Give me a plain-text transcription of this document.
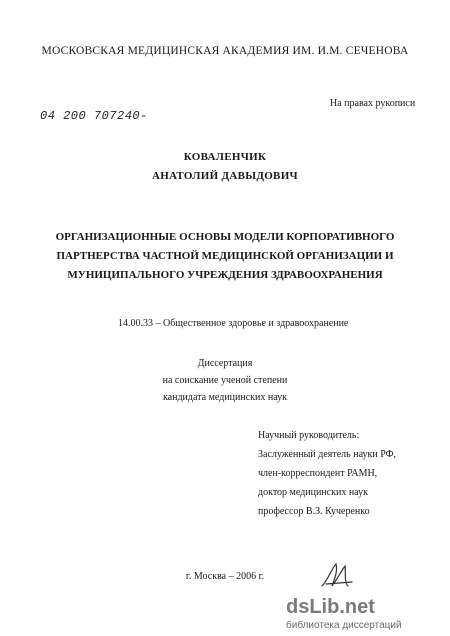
МОСКОВСКАЯ МЕДИЦИНСКАЯ АКАДЕМИЯ ИМ. И.М. СЕЧЕНОВА
04 200 707240-
На правах рукописи
КОВАЛЕНЧИК
АНАТОЛИЙ ДАВЫДОВИЧ
ОРГАНИЗАЦИОННЫЕ ОСНОВЫ МОДЕЛИ КОРПОРАТИВНОГО
ПАРТНЕРСТВА ЧАСТНОЙ МЕДИЦИНСКОЙ ОРГАНИЗАЦИИ И
МУНИЦИПАЛЬНОГО УЧРЕЖДЕНИЯ ЗДРАВООХРАНЕНИЯ
14.00.33 – Общественное здоровье и здравоохранение
Диссертация
на соискание ученой степени
кандидата медицинских наук
Научный руководитель:
Заслуженный деятель науки РФ,
член-корреспондент РАМН,
доктор медицинских наук
профессор В.З. Кучеренко
г. Москва – 2006 г.
dsLib.net
библиотека диссертаций
